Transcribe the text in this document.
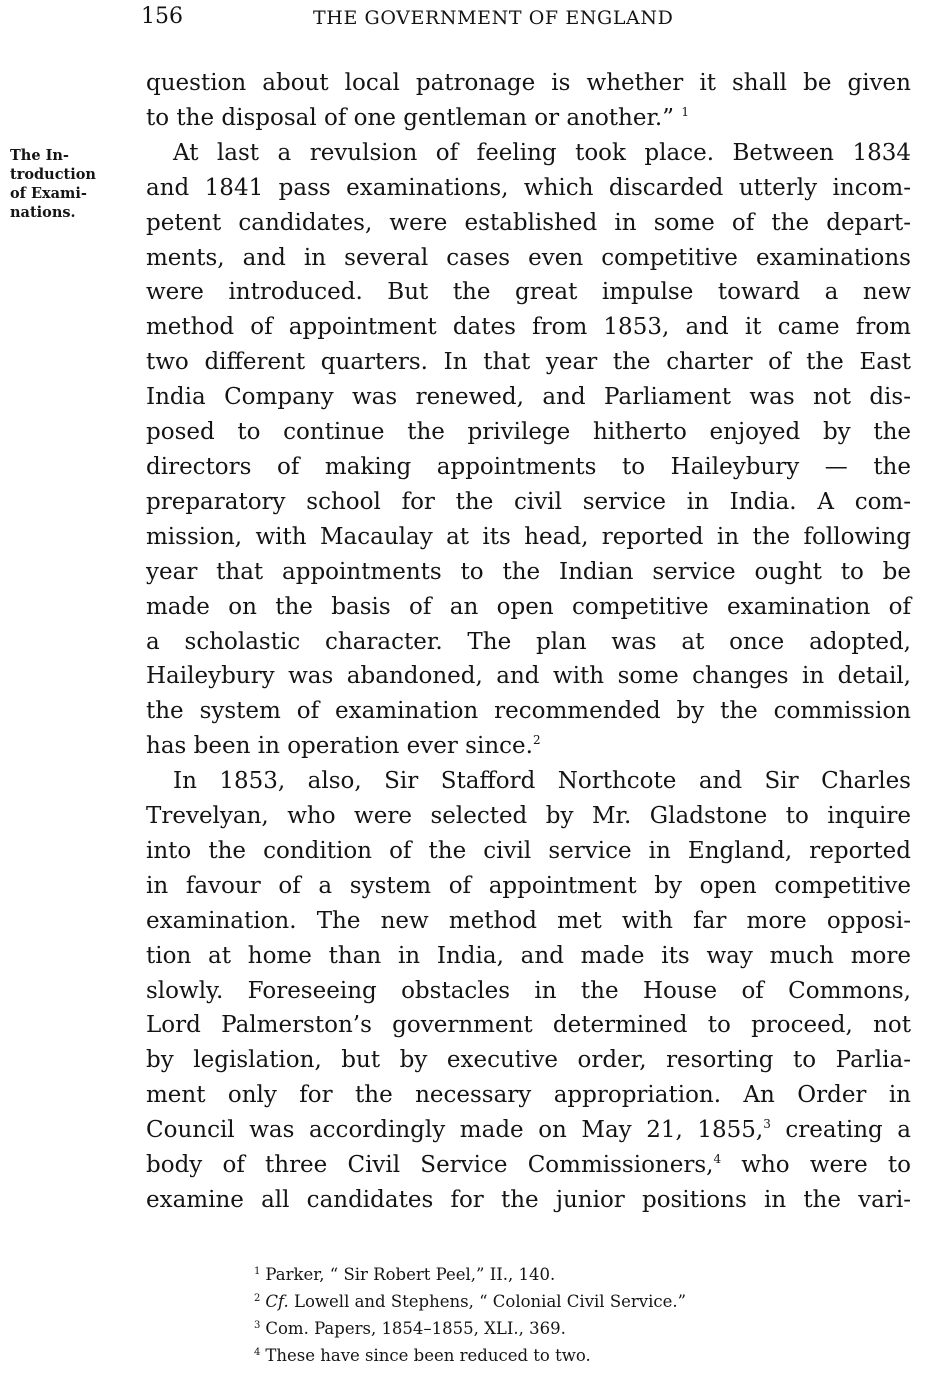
156	THE GOVERNMENT OF ENGLAND
The In-
troduction
of Exami-
nations.
question about local patronage is whether it shall be given
to the disposal of one gentleman or another.” $^1$
At last a revulsion of feeling took place. Between 1834
and 1841 pass examinations, which discarded utterly incom-
petent candidates, were established in some of the depart-
ments, and in several cases even competitive examinations
were introduced. But the great impulse toward a new
method of appointment dates from 1853, and it came from
two different quarters. In that year the charter of the East
India Company was renewed, and Parliament was not dis-
posed to continue the privilege hitherto enjoyed by the
directors of making appointments to Haileybury — the
preparatory school for the civil service in India. A com-
mission, with Macaulay at its head, reported in the following
year that appointments to the Indian service ought to be
made on the basis of an open competitive examination of
a scholastic character. The plan was at once adopted,
Haileybury was abandoned, and with some changes in detail,
the system of examination recommended by the commission
has been in operation ever since.$^2$
In 1853, also, Sir Stafford Northcote and Sir Charles
Trevelyan, who were selected by Mr. Gladstone to inquire
into the condition of the civil service in England, reported
in favour of a system of appointment by open competitive
examination. The new method met with far more opposi-
tion at home than in India, and made its way much more
slowly. Foreseeing obstacles in the House of Commons,
Lord Palmerston’s government determined to proceed, not
by legislation, but by executive order, resorting to Parlia-
ment only for the necessary appropriation. An Order in
Council was accordingly made on May 21, 1855,$^3$ creating a
body of three Civil Service Commissioners,$^4$ who were to
examine all candidates for the junior positions in the vari-
$^1$ Parker, “ Sir Robert Peel,” II., 140.
$^2$ Cf. Lowell and Stephens, “ Colonial Civil Service.”
$^3$ Com. Papers, 1854–1855, XLI., 369.
$^4$ These have since been reduced to two.
